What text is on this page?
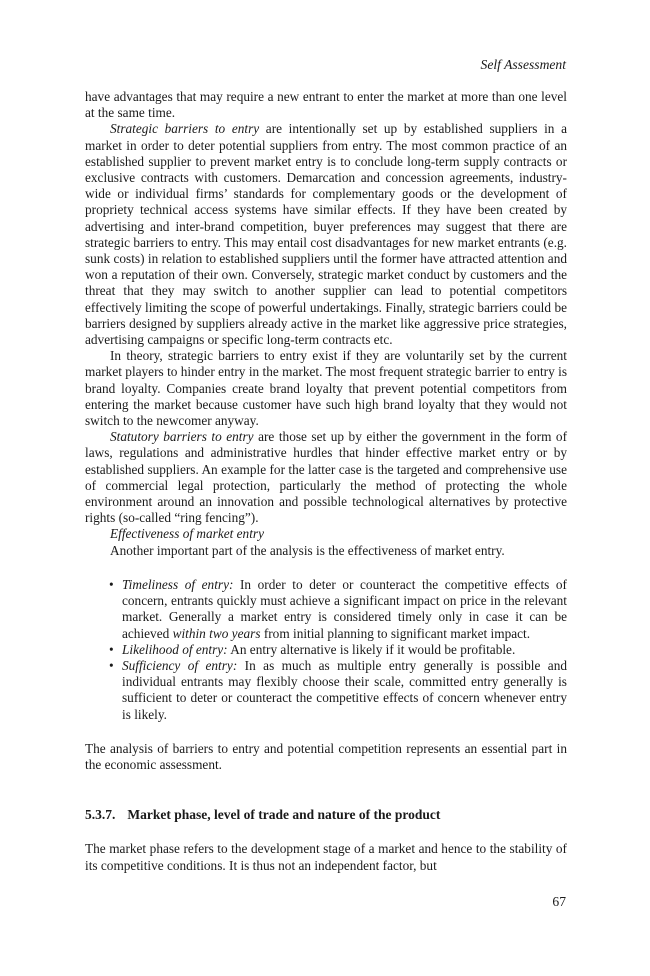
Self Assessment

have advantages that may require a new entrant to enter the market at more than one level at the same time.

Strategic barriers to entry are intentionally set up by established suppliers in a market in order to deter potential suppliers from entry. The most common practice of an established supplier to prevent market entry is to conclude long-term supply contracts or exclusive contracts with customers. Demarcation and concession agreements, industry-wide or individual firms’ standards for complementary goods or the development of propriety technical access systems have similar effects. If they have been created by advertising and inter-brand competition, buyer preferences may suggest that there are strategic barriers to entry. This may entail cost disadvantages for new market entrants (e.g. sunk costs) in relation to established suppliers until the former have attracted attention and won a reputation of their own. Conversely, strategic market conduct by customers and the threat that they may switch to another supplier can lead to potential competitors effectively limiting the scope of powerful undertakings. Finally, strategic barriers could be barriers designed by suppliers already active in the market like aggressive price strategies, advertising campaigns or specific long-term contracts etc.

In theory, strategic barriers to entry exist if they are voluntarily set by the current market players to hinder entry in the market. The most frequent strategic barrier to entry is brand loyalty. Companies create brand loyalty that prevent potential competitors from entering the market because customer have such high brand loyalty that they would not switch to the newcomer anyway.

Statutory barriers to entry are those set up by either the government in the form of laws, regulations and administrative hurdles that hinder effective market entry or by established suppliers. An example for the latter case is the targeted and comprehensive use of commercial legal protection, particularly the method of protecting the whole environment around an innovation and possible technological alternatives by protective rights (so-called “ring fencing”).

Effectiveness of market entry

Another important part of the analysis is the effectiveness of market entry.

• Timeliness of entry: In order to deter or counteract the competitive effects of concern, entrants quickly must achieve a significant impact on price in the relevant market. Generally a market entry is considered timely only in case it can be achieved within two years from initial planning to significant market impact.
• Likelihood of entry: An entry alternative is likely if it would be profitable.
• Sufficiency of entry: In as much as multiple entry generally is possible and individual entrants may flexibly choose their scale, committed entry generally is sufficient to deter or counteract the competitive effects of concern whenever entry is likely.

The analysis of barriers to entry and potential competition represents an essential part in the economic assessment.

5.3.7. Market phase, level of trade and nature of the product

The market phase refers to the development stage of a market and hence to the stability of its competitive conditions. It is thus not an independent factor, but

67
